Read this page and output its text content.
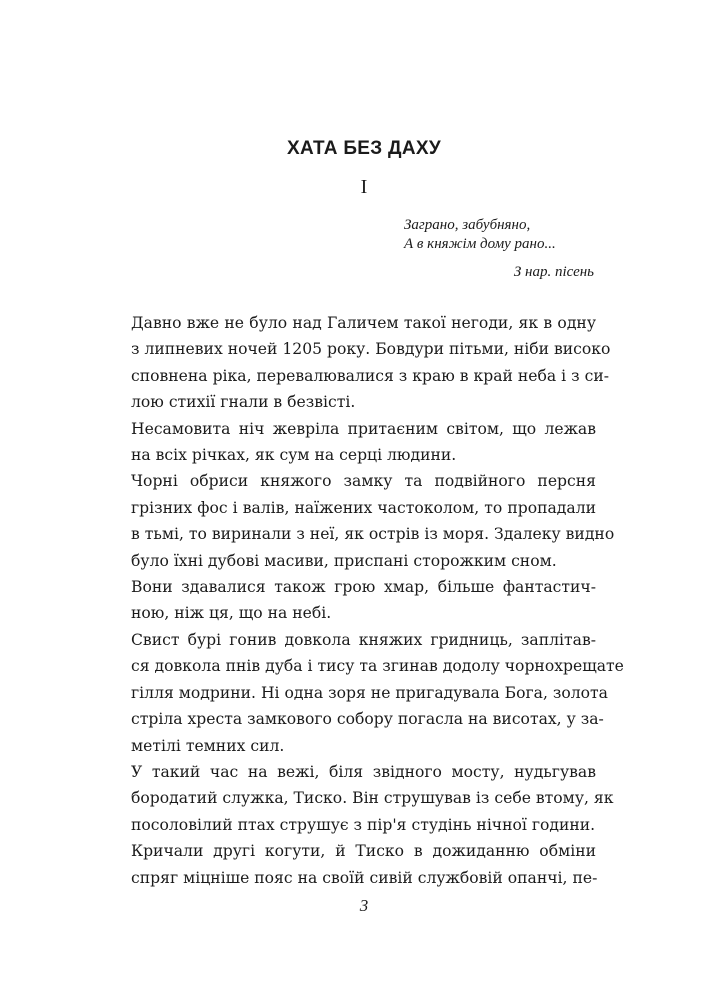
ХАТА БЕЗ ДАХУ
I
Заграно, забубняно,
А в княжім дому рано...
З нар. пісень
Давно вже не було над Галичем такої негоди, як в одну
з липневих ночей 1205 року. Бовдури пітьми, ніби високо
сповнена ріка, перевалювалися з краю в край неба і з си-
лою стихії гнали в безвісті.
Несамовита ніч жевріла притаєним світом, що лежав
на всіх річках, як сум на серці людини.
Чорні обриси княжого замку та подвійного персня
грізних фос і валів, наїжених частоколом, то пропадали
в тьмі, то виринали з неї, як острів із моря. Здалеку видно
було їхні дубові масиви, приспані сторожким сном.
Вони здавалися також грою хмар, більше фантастич-
ною, ніж ця, що на небі.
Свист бурі гонив довкола княжих гридниць, заплітав-
ся довкола пнів дуба і тису та згинав додолу чорнохрещате
гілля модрини. Ні одна зоря не пригадувала Бога, золота
стріла хреста замкового собору погасла на висотах, у за-
метілі темних сил.
У такий час на вежі, біля звідного мосту, нудьгував
бородатий служка, Тиско. Він струшував із себе втому, як
посоловілий птах струшує з пір'я студінь нічної години.
Кричали другі когути, й Тиско в дожиданню обміни
спряг міцніше пояс на своїй сивій службовій опанчі, пе-
3
